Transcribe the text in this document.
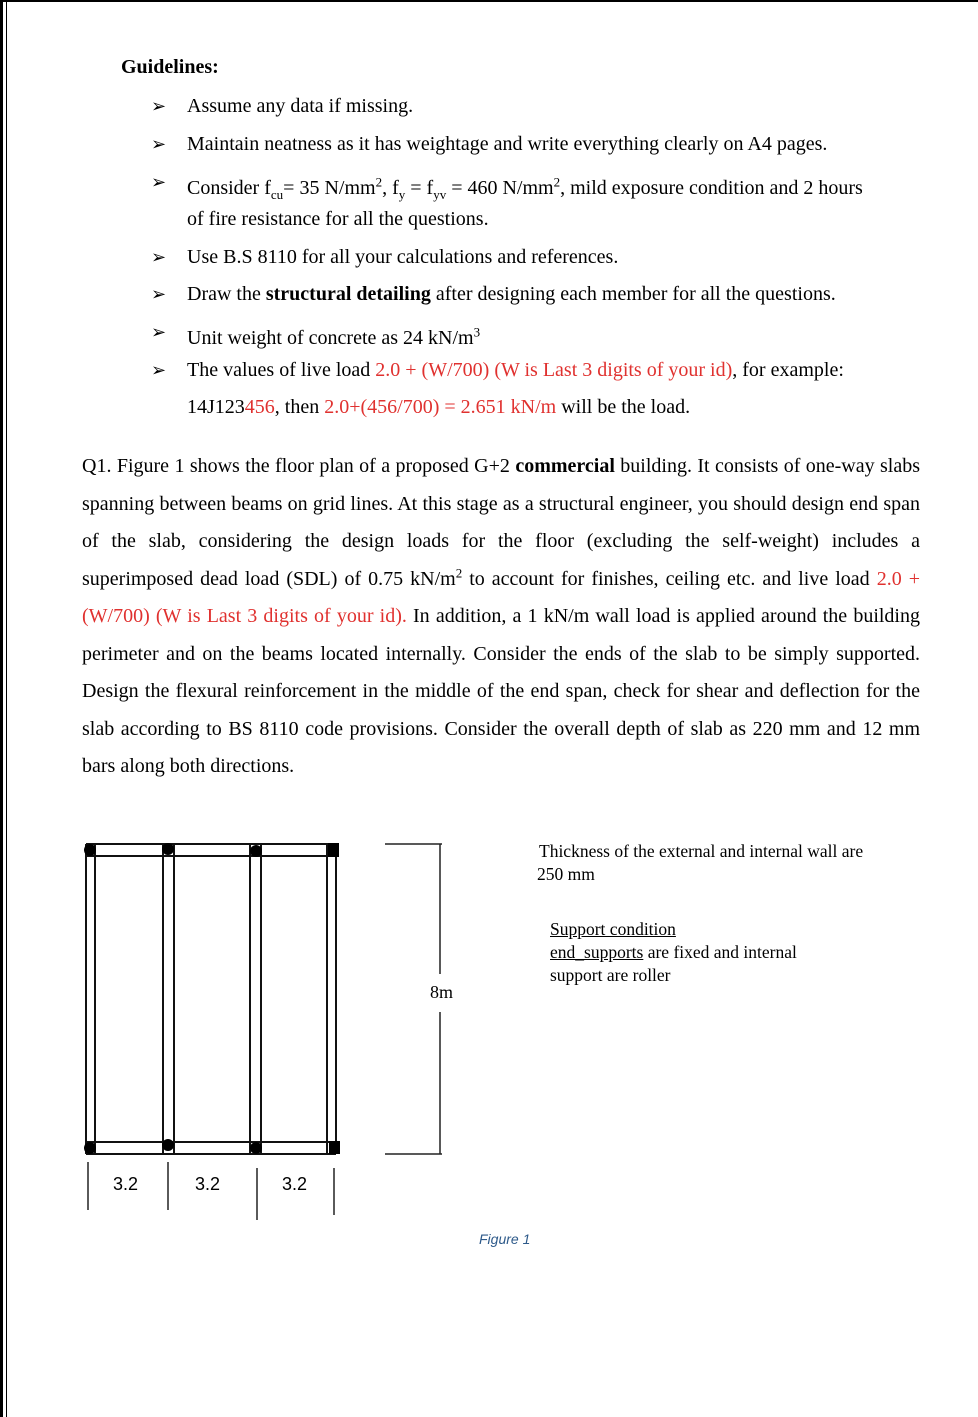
Guidelines:
➢ Assume any data if missing.
➢ Maintain neatness as it has weightage and write everything clearly on A4 pages.
➢ Consider $f_{cu}= 35$ $N/mm^2$, $f_y = f_{yv} = 460$ $N/mm^2$, mild exposure condition and 2 hours
of fire resistance for all the questions.
➢ Use B.S 8110 for all your calculations and references.
➢ Draw the structural detailing after designing each member for all the questions.
➢ Unit weight of concrete as 24 $kN/m^3$
➢ The values of live load 2.0 + (W/700) (W is Last 3 digits of your id), for example:
14J123456, then 2.0+(456/700) = 2.651 kN/m will be the load.
Q1. Figure 1 shows the floor plan of a proposed G+2 commercial building. It consists of one-way slabs spanning between beams on grid lines. At this stage as a structural engineer, you should design end span of the slab, considering the design loads for the floor (excluding the self-weight) includes a superimposed dead load (SDL) of 0.75 $kN/m^2$ to account for finishes, ceiling etc. and live load 2.0 + (W/700) (W is Last 3 digits of your id). In addition, a 1 kN/m wall load is applied around the building perimeter and on the beams located internally. Consider the ends of the slab to be simply supported. Design the flexural reinforcement in the middle of the end span, check for shear and deflection for the slab according to BS 8110 code provisions. Consider the overall depth of slab as 220 mm and 12 mm bars along both directions.
8m
3.2	3.2	3.2
Thickness of the external and internal wall are
250 mm
Support condition
end_supports are fixed and internal
support are roller
Figure 1
